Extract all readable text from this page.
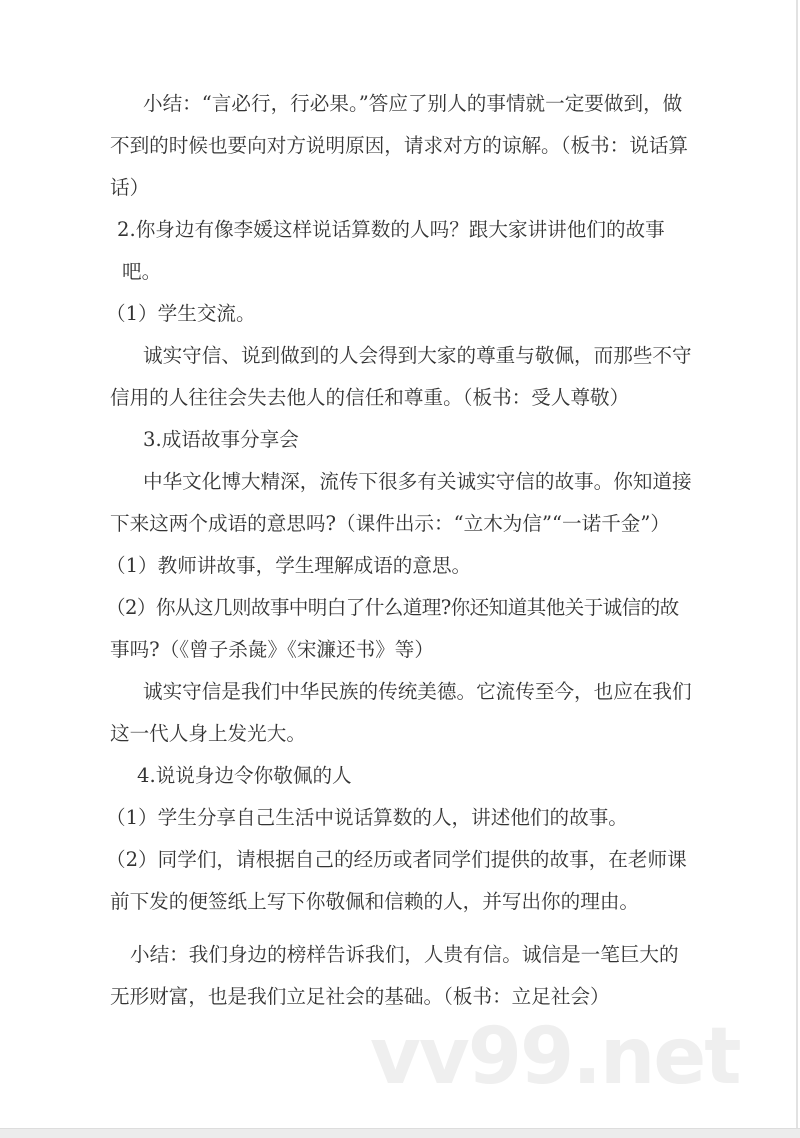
小结：“言必行，行必果。”答应了别人的事情就一定要做到，做
不到的时候也要向对方说明原因，请求对方的谅解。（板书：说话算
话）
2.你身边有像李媛这样说话算数的人吗？跟大家讲讲他们的故事
吧。
（1）学生交流。
诚实守信、说到做到的人会得到大家的尊重与敬佩，而那些不守
信用的人往往会失去他人的信任和尊重。（板书：受人尊敬）
3.成语故事分享会
中华文化博大精深，流传下很多有关诚实守信的故事。你知道接
下来这两个成语的意思吗?（课件出示：“立木为信”“一诺千金”）
（1）教师讲故事，学生理解成语的意思。
（2）你从这几则故事中明白了什么道理?你还知道其他关于诚信的故
事吗?（《曾子杀彘》《宋濂还书》等）
诚实守信是我们中华民族的传统美德。它流传至今，也应在我们
这一代人身上发光大。
4.说说身边令你敬佩的人
（1）学生分享自己生活中说话算数的人，讲述他们的故事。
（2）同学们，请根据自己的经历或者同学们提供的故事，在老师课
前下发的便签纸上写下你敬佩和信赖的人，并写出你的理由。
小结：我们身边的榜样告诉我们，人贵有信。诚信是一笔巨大的
无形财富，也是我们立足社会的基础。（板书：立足社会）
vv99.net
